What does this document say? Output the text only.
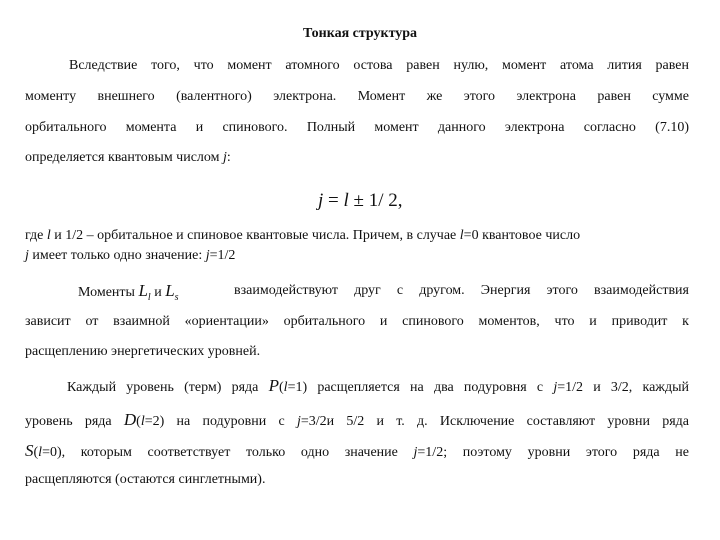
Тонкая структура
Вследствие того, что момент атомного остова равен нулю, момент атома лития равен
моменту внешнего (валентного) электрона. Момент же этого электрона равен сумме
орбитального момента и спинового. Полный момент данного электрона согласно (7.10)
определяется квантовым числом j:
j = l ± 1/ 2,
где l и 1/2 – орбитальное и спиновое квантовые числа. Причем, в случае l=0 квантовое число
j имеет только одно значение: j=1/2
Моменты $L_l$ и $L_s$	взаимодействуют друг с другом. Энергия этого взаимодействия
зависит от взаимной «ориентации» орбитального и спинового моментов, что и приводит к
расщеплению энергетических уровней.
Каждый уровень (терм) ряда P(l=1) расщепляется на два подуровня с j=1/2 и 3/2, каждый
уровень ряда D(l=2) на подуровни с j=3/2и 5/2 и т. д. Исключение составляют уровни ряда
S(l=0), которым соответствует только одно значение j=1/2; поэтому уровни этого ряда не
расщепляются (остаются синглетными).
